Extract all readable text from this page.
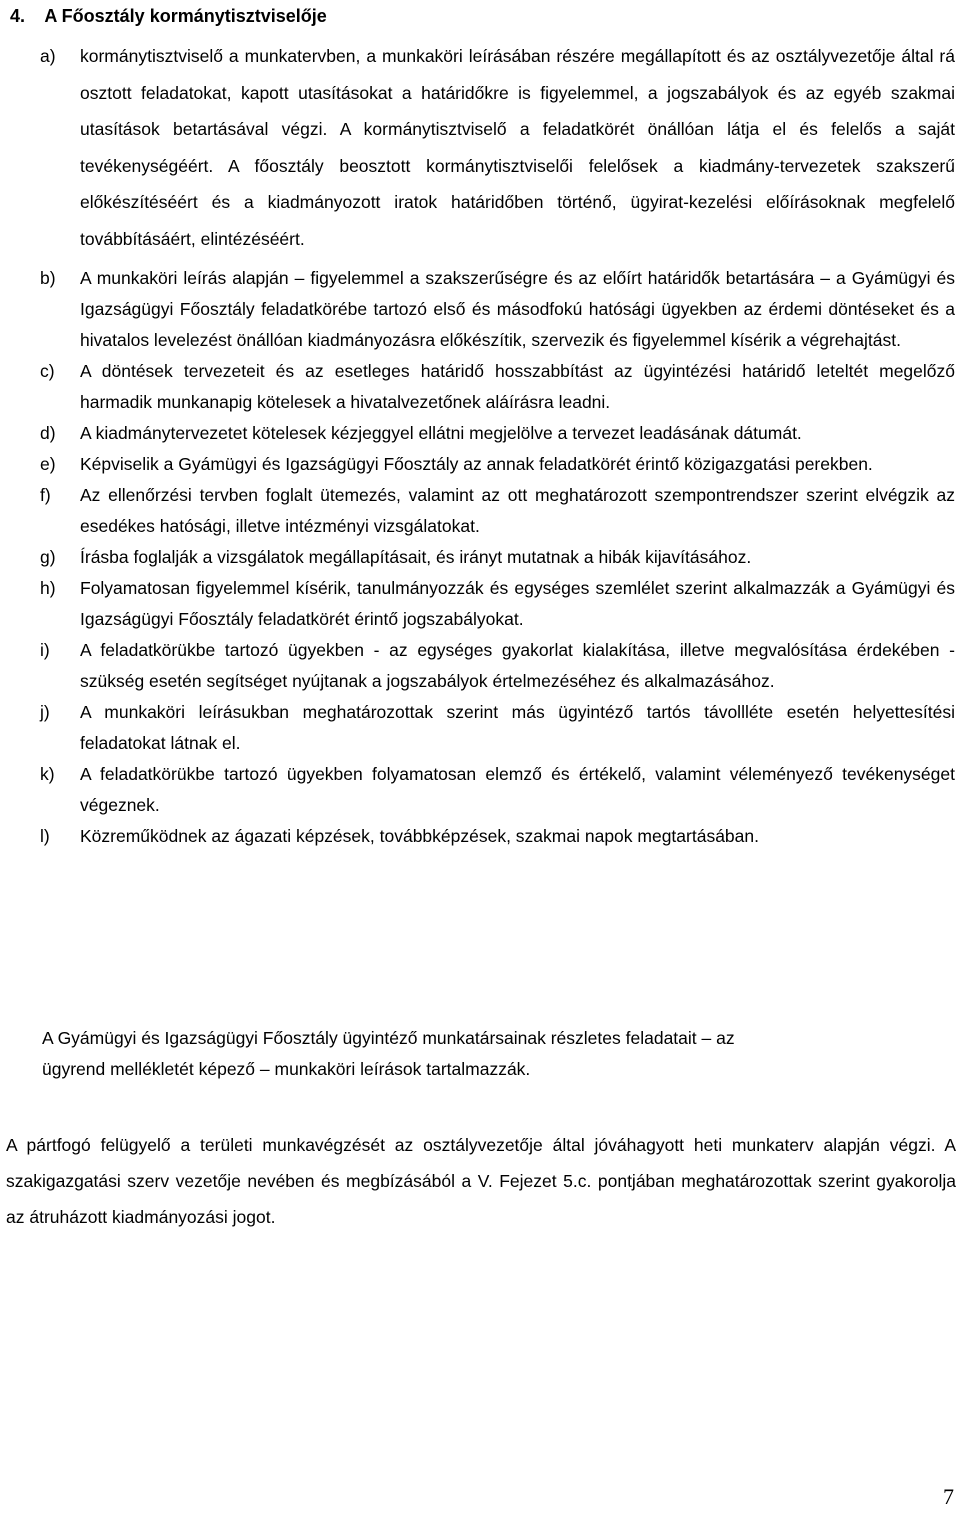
4.    A Főosztály kormánytisztviselője

a) kormánytisztviselő a munkatervben, a munkaköri leírásában részére megállapított és az osztályvezetője által rá osztott feladatokat, kapott utasításokat a határidőkre is figyelemmel, a jogszabályok és az egyéb szakmai utasítások betartásával végzi. A kormánytisztviselő a feladatkörét önállóan látja el és felelős a saját tevékenységéért. A főosztály beosztott kormánytisztviselői felelősek a kiadmány-tervezetek szakszerű előkészítéséért és a kiadmányozott iratok határidőben történő, ügyirat-kezelési előírásoknak megfelelő továbbításáért, elintézéséért.

b) A munkaköri leírás alapján – figyelemmel a szakszerűségre és az előírt határidők betartására – a Gyámügyi és Igazságügyi Főosztály feladatkörébe tartozó első és másodfokú hatósági ügyekben az érdemi döntéseket és a hivatalos levelezést önállóan kiadmányozásra előkészítik, szervezik és figyelemmel kísérik a végrehajtást.

c) A döntések tervezeteit és az esetleges határidő hosszabbítást az ügyintézési határidő leteltét megelőző harmadik munkanapig kötelesek a hivatalvezetőnek aláírásra leadni.

d) A kiadmánytervezetet kötelesek kézjeggyel ellátni megjelölve a tervezet leadásának dátumát.

e) Képviselik a Gyámügyi és Igazságügyi Főosztály az annak feladatkörét érintő közigazgatási perekben.

f) Az ellenőrzési tervben foglalt ütemezés, valamint az ott meghatározott szempontrendszer szerint elvégzik az esedékes hatósági, illetve intézményi vizsgálatokat.

g) Írásba foglalják a vizsgálatok megállapításait, és irányt mutatnak a hibák kijavításához.

h) Folyamatosan figyelemmel kísérik, tanulmányozzák és egységes szemlélet szerint alkalmazzák a Gyámügyi és Igazságügyi Főosztály feladatkörét érintő jogszabályokat.

i) A feladatkörükbe tartozó ügyekben - az egységes gyakorlat kialakítása, illetve megvalósítása érdekében - szükség esetén segítséget nyújtanak a jogszabályok értelmezéséhez és alkalmazásához.

j) A munkaköri leírásukban meghatározottak szerint más ügyintéző tartós távollléte esetén helyettesítési feladatokat látnak el.

k) A feladatkörükbe tartozó ügyekben folyamatosan elemző és értékelő, valamint véleményező tevékenységet végeznek.

l) Közreműködnek az ágazati képzések, továbbképzések, szakmai napok megtartásában.

A Gyámügyi és Igazságügyi Főosztály ügyintéző munkatársainak részletes feladatait – az
ügyrend mellékletét képező – munkaköri leírások tartalmazzák.

A pártfogó felügyelő a területi munkavégzését az osztályvezetője által jóváhagyott heti munkaterv alapján végzi. A szakigazgatási szerv vezetője nevében és megbízásából a V. Fejezet 5.c. pontjában meghatározottak szerint gyakorolja az átruházott kiadmányozási jogot.

7
